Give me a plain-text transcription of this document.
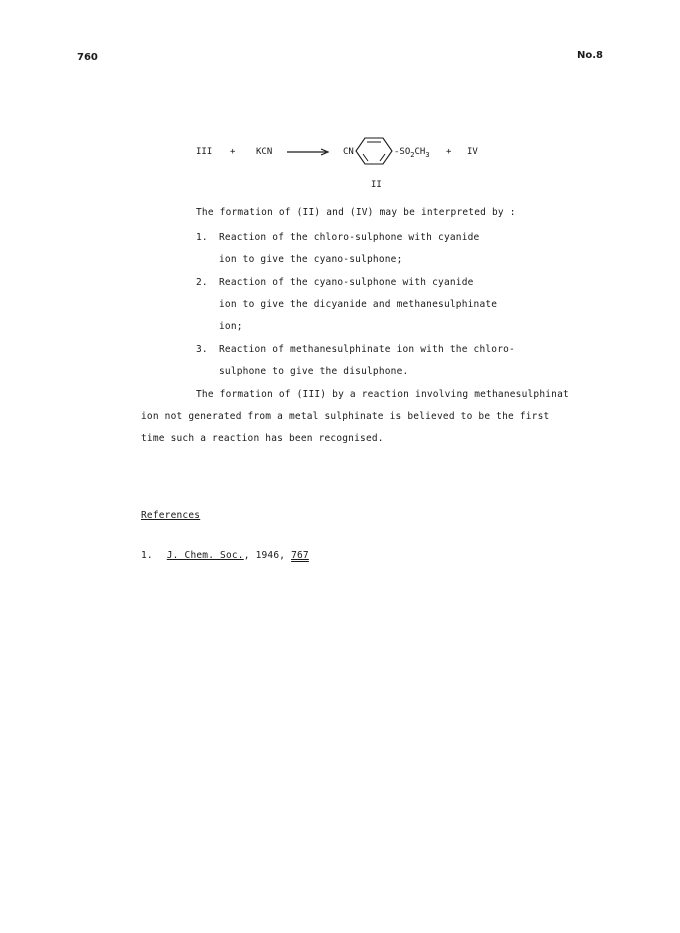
760	No.8
III + KCN → CN	$-SO_2CH_3$ + IV
II
The formation of (II) and (IV) may be interpreted by :
1. Reaction of the chloro-sulphone with cyanide
ion to give the cyano-sulphone;
2. Reaction of the cyano-sulphone with cyanide
ion to give the dicyanide and methanesulphinate
ion;
3. Reaction of methanesulphinate ion with the chloro-
sulphone to give the disulphone.
The formation of (III) by a reaction involving methanesulphinat
ion not generated from a metal sulphinate is believed to be the first
time such a reaction has been recognised.
References
1. J. Chem. Soc., 1946, 767
